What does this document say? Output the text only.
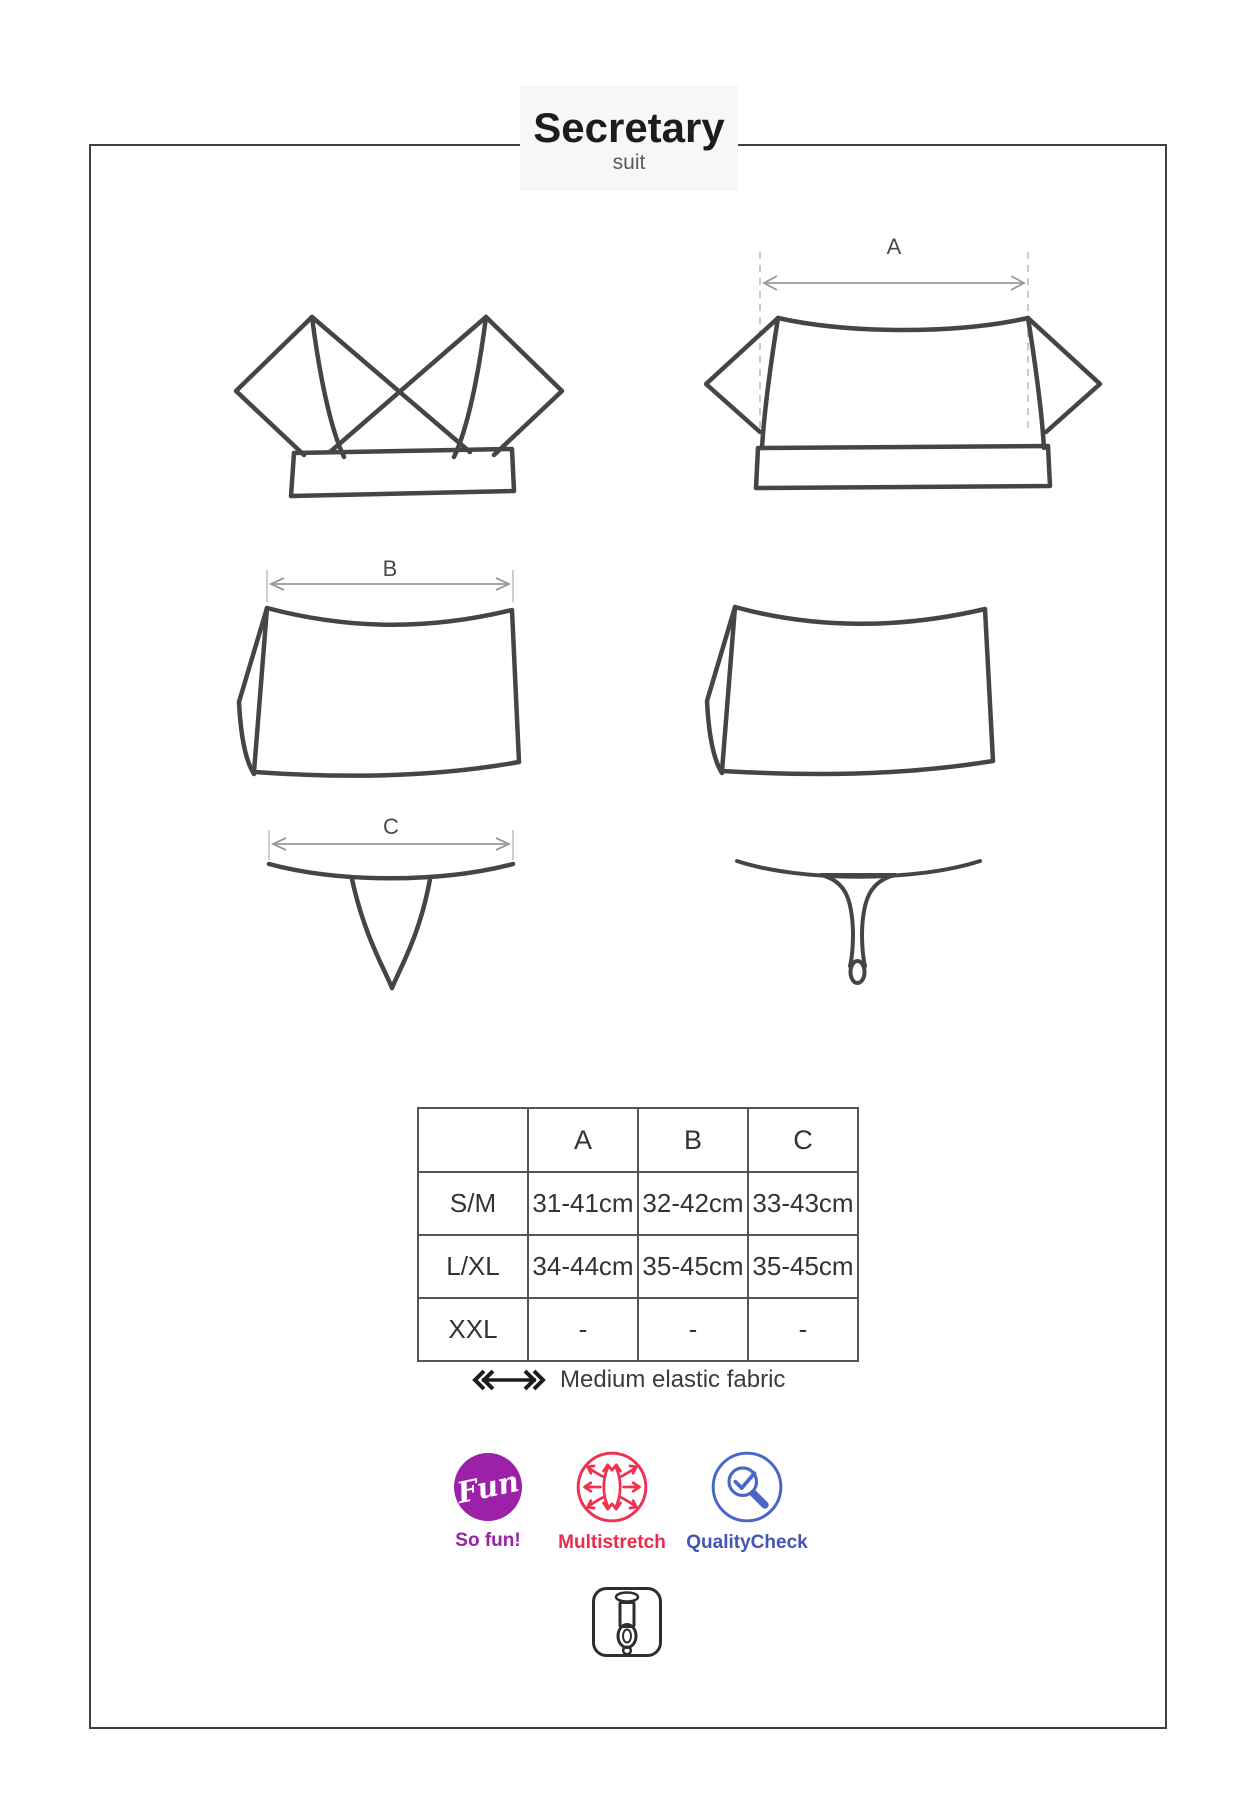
A
B
C
Secretary
suit
	A	B	C
S/M	31-41cm	32-42cm	33-43cm
L/XL	34-44cm	35-45cm	35-45cm
XXL	-	-	-
Medium elastic fabric
Fun
So fun!	Multistretch	QualityCheck
